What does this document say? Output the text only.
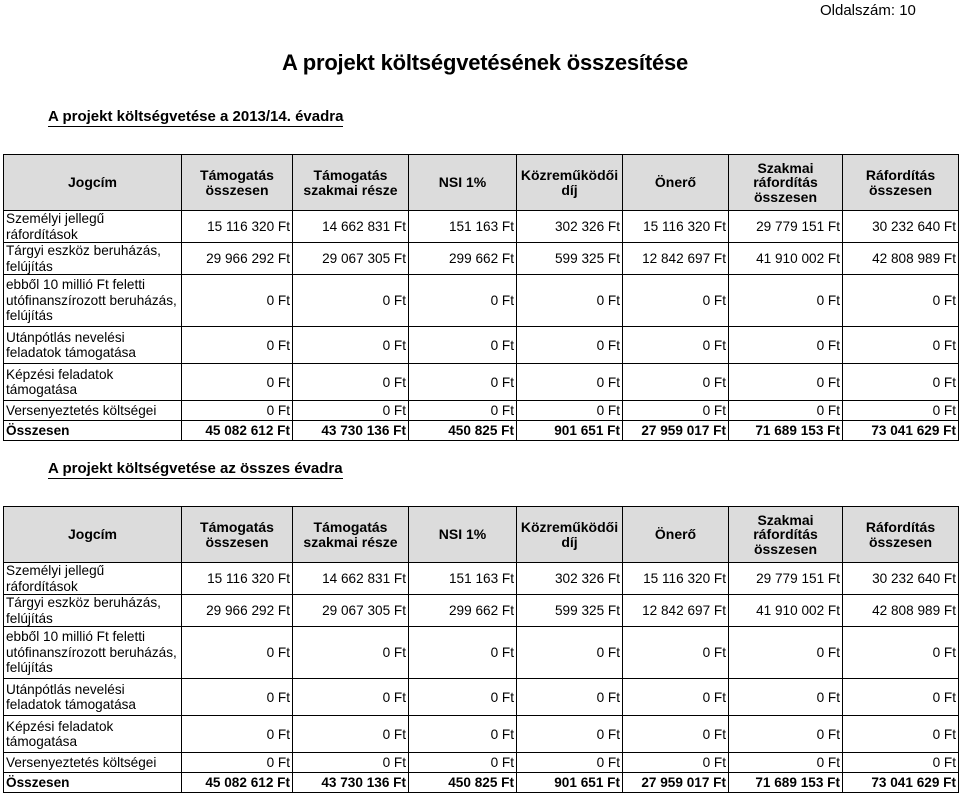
Oldalszám: 10
A projekt költségvetésének összesítése
A projekt költségvetése a 2013/14. évadra
Jogcím	Támogatás összesen	Támogatás szakmai része	NSI 1%	Közreműködői díj	Önerő	Szakmai ráfordítás összesen	Ráfordítás összesen
Személyi jellegű ráfordítások	15 116 320 Ft	14 662 831 Ft	151 163 Ft	302 326 Ft	15 116 320 Ft	29 779 151 Ft	30 232 640 Ft
Tárgyi eszköz beruházás, felújítás	29 966 292 Ft	29 067 305 Ft	299 662 Ft	599 325 Ft	12 842 697 Ft	41 910 002 Ft	42 808 989 Ft
ebből 10 millió Ft feletti utófinanszírozott beruházás, felújítás	0 Ft	0 Ft	0 Ft	0 Ft	0 Ft	0 Ft	0 Ft
Utánpótlás nevelési feladatok támogatása	0 Ft	0 Ft	0 Ft	0 Ft	0 Ft	0 Ft	0 Ft
Képzési feladatok támogatása	0 Ft	0 Ft	0 Ft	0 Ft	0 Ft	0 Ft	0 Ft
Versenyeztetés költségei	0 Ft	0 Ft	0 Ft	0 Ft	0 Ft	0 Ft	0 Ft
Összesen	45 082 612 Ft	43 730 136 Ft	450 825 Ft	901 651 Ft	27 959 017 Ft	71 689 153 Ft	73 041 629 Ft
A projekt költségvetése az összes évadra
Jogcím	Támogatás összesen	Támogatás szakmai része	NSI 1%	Közreműködői díj	Önerő	Szakmai ráfordítás összesen	Ráfordítás összesen
Személyi jellegű ráfordítások	15 116 320 Ft	14 662 831 Ft	151 163 Ft	302 326 Ft	15 116 320 Ft	29 779 151 Ft	30 232 640 Ft
Tárgyi eszköz beruházás, felújítás	29 966 292 Ft	29 067 305 Ft	299 662 Ft	599 325 Ft	12 842 697 Ft	41 910 002 Ft	42 808 989 Ft
ebből 10 millió Ft feletti utófinanszírozott beruházás, felújítás	0 Ft	0 Ft	0 Ft	0 Ft	0 Ft	0 Ft	0 Ft
Utánpótlás nevelési feladatok támogatása	0 Ft	0 Ft	0 Ft	0 Ft	0 Ft	0 Ft	0 Ft
Képzési feladatok támogatása	0 Ft	0 Ft	0 Ft	0 Ft	0 Ft	0 Ft	0 Ft
Versenyeztetés költségei	0 Ft	0 Ft	0 Ft	0 Ft	0 Ft	0 Ft	0 Ft
Összesen	45 082 612 Ft	43 730 136 Ft	450 825 Ft	901 651 Ft	27 959 017 Ft	71 689 153 Ft	73 041 629 Ft
